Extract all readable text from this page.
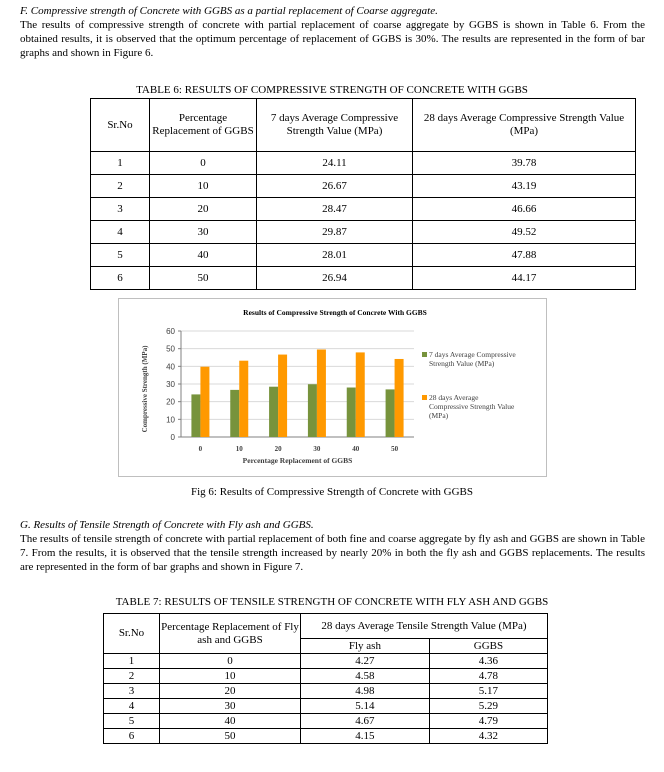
F. Compressive strength of Concrete with GGBS as a partial replacement of Coarse aggregate.
The results of compressive strength of concrete with partial replacement of coarse aggregate by GGBS is shown in Table 6. From the obtained results, it is observed that the optimum percentage of replacement of GGBS is 30%. The results are represented in the form of bar graphs and shown in Figure 6.
TABLE 6: RESULTS OF COMPRESSIVE STRENGTH OF CONCRETE WITH GGBS
Sr.No	Percentage Replacement of GGBS	7 days Average Compressive Strength Value (MPa)	28 days Average Compressive Strength Value (MPa)
1	0	24.11	39.78
2	10	26.67	43.19
3	20	28.47	46.66
4	30	29.87	49.52
5	40	28.01	47.88
6	50	26.94	44.17
Results of Compressive Strength of Concrete With GGBS
0
10
20
30
40
50
60
0	10	20	30	40	50
Percentage Replacement of GGBS
Compressive Strength (MPa)	7 days Average Compressive Strength Value (MPa)
28 days Average Compressive Strength Value (MPa)
Fig 6: Results of Compressive Strength of Concrete with GGBS
G. Results of Tensile Strength of Concrete with Fly ash and GGBS.
The results of tensile strength of concrete with partial replacement of both fine and coarse aggregate by fly ash and GGBS are shown in Table 7. From the results, it is observed that the tensile strength increased by nearly 20% in both the fly ash and GGBS replacements. The results are represented in the form of bar graphs and shown in Figure 7.
TABLE 7: RESULTS OF TENSILE STRENGTH OF CONCRETE WITH FLY ASH AND GGBS
Sr.No	Percentage Replacement of Fly ash and GGBS	28 days Average Tensile Strength Value (MPa)	
		Fly ash	GGBS
1	0	4.27	4.36
2	10	4.58	4.78
3	20	4.98	5.17
4	30	5.14	5.29
5	40	4.67	4.79
6	50	4.15	4.32
